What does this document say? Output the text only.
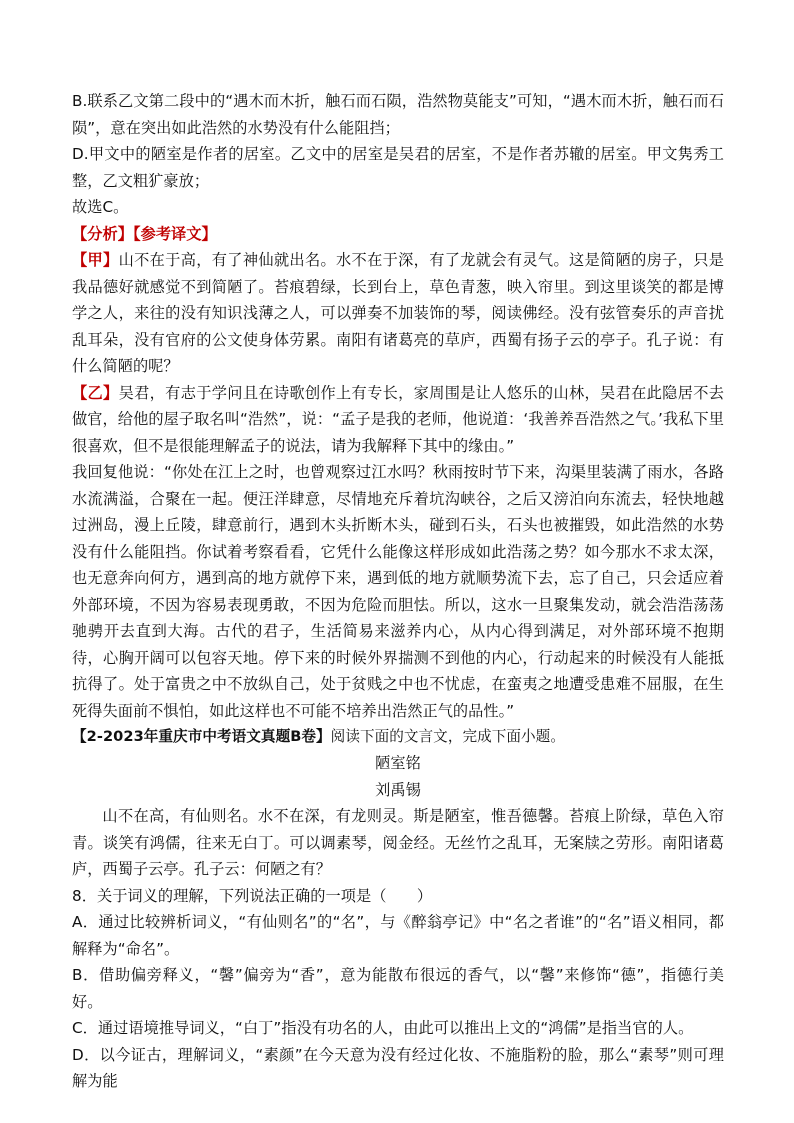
B.联系乙文第二段中的“遇木而木折，触石而石陨，浩然物莫能支”可知，“遇木而木折，触石而石陨”，意在突出如此浩然的水势没有什么能阻挡；

D.甲文中的陋室是作者的居室。乙文中的居室是吴君的居室，不是作者苏辙的居室。甲文隽秀工整，乙文粗犷豪放；

故选C。

【分析】【参考译文】

【甲】山不在于高，有了神仙就出名。水不在于深，有了龙就会有灵气。这是简陋的房子，只是我品德好就感觉不到简陋了。苔痕碧绿，长到台上，草色青葱，映入帘里。到这里谈笑的都是博学之人，来往的没有知识浅薄之人，可以弹奏不加装饰的琴，阅读佛经。没有弦管奏乐的声音扰乱耳朵，没有官府的公文使身体劳累。南阳有诸葛亮的草庐，西蜀有扬子云的亭子。孔子说：有什么简陋的呢？

【乙】吴君，有志于学问且在诗歌创作上有专长，家周围是让人悠乐的山林，吴君在此隐居不去做官，给他的屋子取名叫“浩然”，说：“孟子是我的老师，他说道：‘我善养吾浩然之气。’我私下里很喜欢，但不是很能理解孟子的说法，请为我解释下其中的缘由。”

我回复他说：“你处在江上之时，也曾观察过江水吗？秋雨按时节下来，沟渠里装满了雨水，各路水流满溢，合聚在一起。便汪洋肆意，尽情地充斥着坑沟峡谷，之后又滂泊向东流去，轻快地越过洲岛，漫上丘陵，肆意前行，遇到木头折断木头，碰到石头，石头也被摧毁，如此浩然的水势没有什么能阻挡。你试着考察看看，它凭什么能像这样形成如此浩荡之势？如今那水不求太深，也无意奔向何方，遇到高的地方就停下来，遇到低的地方就顺势流下去，忘了自己，只会适应着外部环境，不因为容易表现勇敢，不因为危险而胆怯。所以，这水一旦聚集发动，就会浩浩荡荡驰骋开去直到大海。古代的君子，生活简易来滋养内心，从内心得到满足，对外部环境不抱期待，心胸开阔可以包容天地。停下来的时候外界揣测不到他的内心，行动起来的时候没有人能抵抗得了。处于富贵之中不放纵自己，处于贫贱之中也不忧虑，在蛮夷之地遭受患难不屈服，在生死得失面前不惧怕，如此这样也不可能不培养出浩然正气的品性。”

【2-2023年重庆市中考语文真题B卷】阅读下面的文言文，完成下面小题。

陋室铭

刘禹锡

山不在高，有仙则名。水不在深，有龙则灵。斯是陋室，惟吾德馨。苔痕上阶绿，草色入帘青。谈笑有鸿儒，往来无白丁。可以调素琴，阅金经。无丝竹之乱耳，无案牍之劳形。南阳诸葛庐，西蜀子云亭。孔子云：何陋之有？

8．关于词义的理解，下列说法正确的一项是（　　）

A．通过比较辨析词义，“有仙则名”的“名”，与《醉翁亭记》中“名之者谁”的“名”语义相同，都解释为“命名”。

B．借助偏旁释义，“馨”偏旁为“香”，意为能散布很远的香气，以“馨”来修饰“德”，指德行美好。

C．通过语境推导词义，“白丁”指没有功名的人，由此可以推出上文的“鸿儒”是指当官的人。

D．以今证古，理解词义，“素颜”在今天意为没有经过化妆、不施脂粉的脸，那么“素琴”则可理解为能
